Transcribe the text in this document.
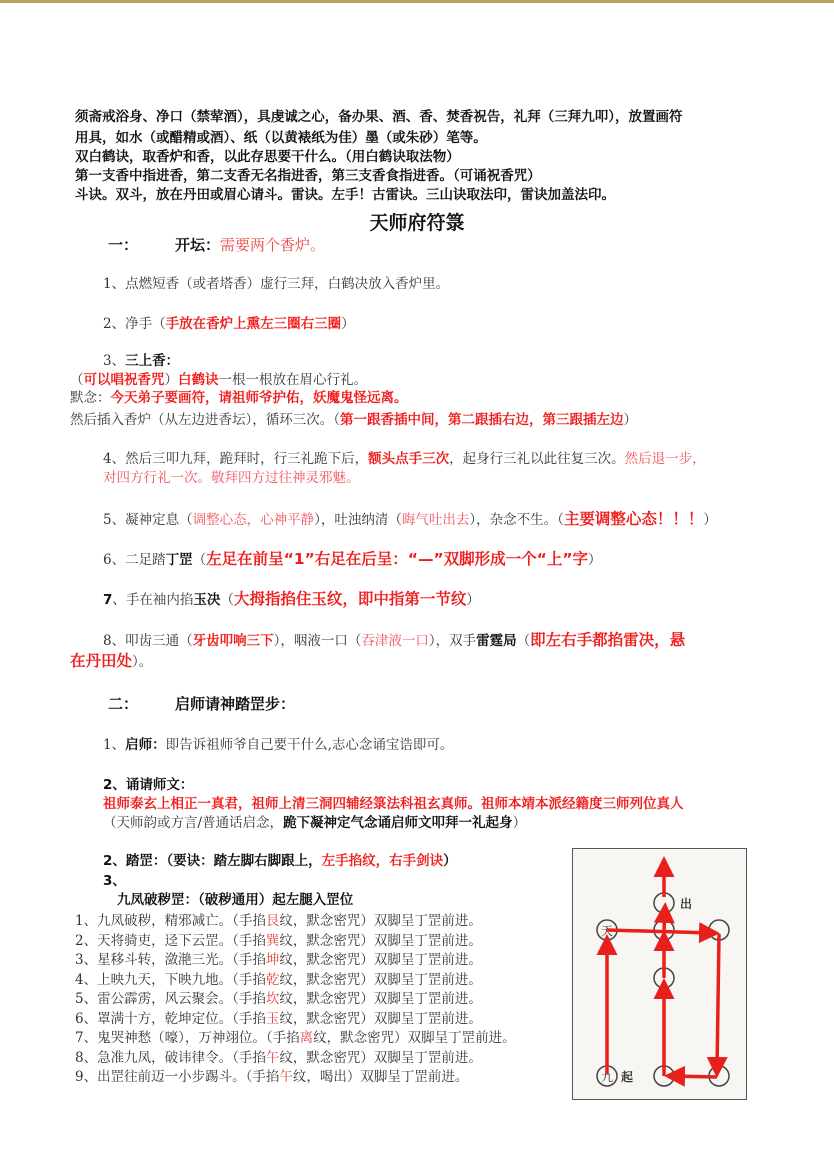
天师府符箓
须斋戒浴身、净口（禁荤酒），具虔诚之心，备办果、酒、香、焚香祝告，礼拜（三拜九叩），放置画符
用具，如水（或醋精或酒）、纸（以黄裱纸为佳）墨（或朱砂）笔等。
双白鹤诀，取香炉和香，以此存思要干什么。（用白鹤诀取法物）
第一支香中指进香，第二支香无名指进香，第三支香食指进香。（可诵祝香咒）
斗诀。双斗，放在丹田或眉心请斗。雷诀。左手！古雷诀。三山诀取法印，雷诀加盖法印。
一： 开坛：需要两个香炉。
1、点燃短香（或者塔香）虚行三拜，白鹤决放入香炉里。
2、净手（手放在香炉上熏左三圈右三圈）
3、三上香：
（可以唱祝香咒）白鹤诀一根一根放在眉心行礼。
默念：今天弟子要画符，请祖师爷护佑，妖魔鬼怪远离。
然后插入香炉（从左边进香坛），循环三次。（第一跟香插中间，第二跟插右边，第三跟插左边）
4、然后三叩九拜，跪拜时，行三礼跪下后，额头点手三次，起身行三礼以此往复三次。然后退一步，
对四方行礼一次。敬拜四方过往神灵邪魅。
5、凝神定息（调整心态，心神平静），吐浊纳清（晦气吐出去），杂念不生。（主要调整心态！！！）
6、二足踏丁罡（左足在前呈“1”右足在后呈：“—”双脚形成一个“上”字）
7、手在袖内掐玉决（大拇指掐住玉纹，即中指第一节纹）
8、叩齿三通（牙齿叩响三下），咽液一口（吞津液一口），双手雷霆局（即左右手都掐雷决，悬
在丹田处）。
二： 启师请神踏罡步：
1、启师：即告诉祖师爷自己要干什么,志心念诵宝诰即可。
2、诵请师文：
祖师泰玄上相正一真君，祖师上清三洞四辅经箓法科祖玄真师。祖师本靖本派经籍度三师列位真人
（天师韵或方言/普通话启念，跪下凝神定气念诵启师文叩拜一礼起身）
2、踏罡：（要诀：踏左脚右脚跟上，左手掐纹，右手剑诀）
3、
九凤破秽罡：（破秽通用）起左腿入罡位
1、九凤破秽，精邪减亡。（手掐艮纹，默念密咒）双脚呈丁罡前进。
2、天将骑吏，迳下云罡。（手掐巽纹，默念密咒）双脚呈丁罡前进。
3、星移斗转，潋滟三光。（手掐坤纹，默念密咒）双脚呈丁罡前进。
4、上映九天，下映九地。（手掐乾纹，默念密咒）双脚呈丁罡前进。
5、雷公霹雳，风云聚会。（手掐坎纹，默念密咒）双脚呈丁罡前进。
6、罩满十方，乾坤定位。（手掐玉纹，默念密咒）双脚呈丁罡前进。
7、鬼哭神愁（嚎），万神翊位。（手掐离纹，默念密咒）双脚呈丁罡前进。
8、急准九凤，破讳律令。（手掐午纹，默念密咒）双脚呈丁罡前进。
9、出罡往前迈一小步踢斗。（手掐午纹，喝出）双脚呈丁罡前进。	九
天
起
出
